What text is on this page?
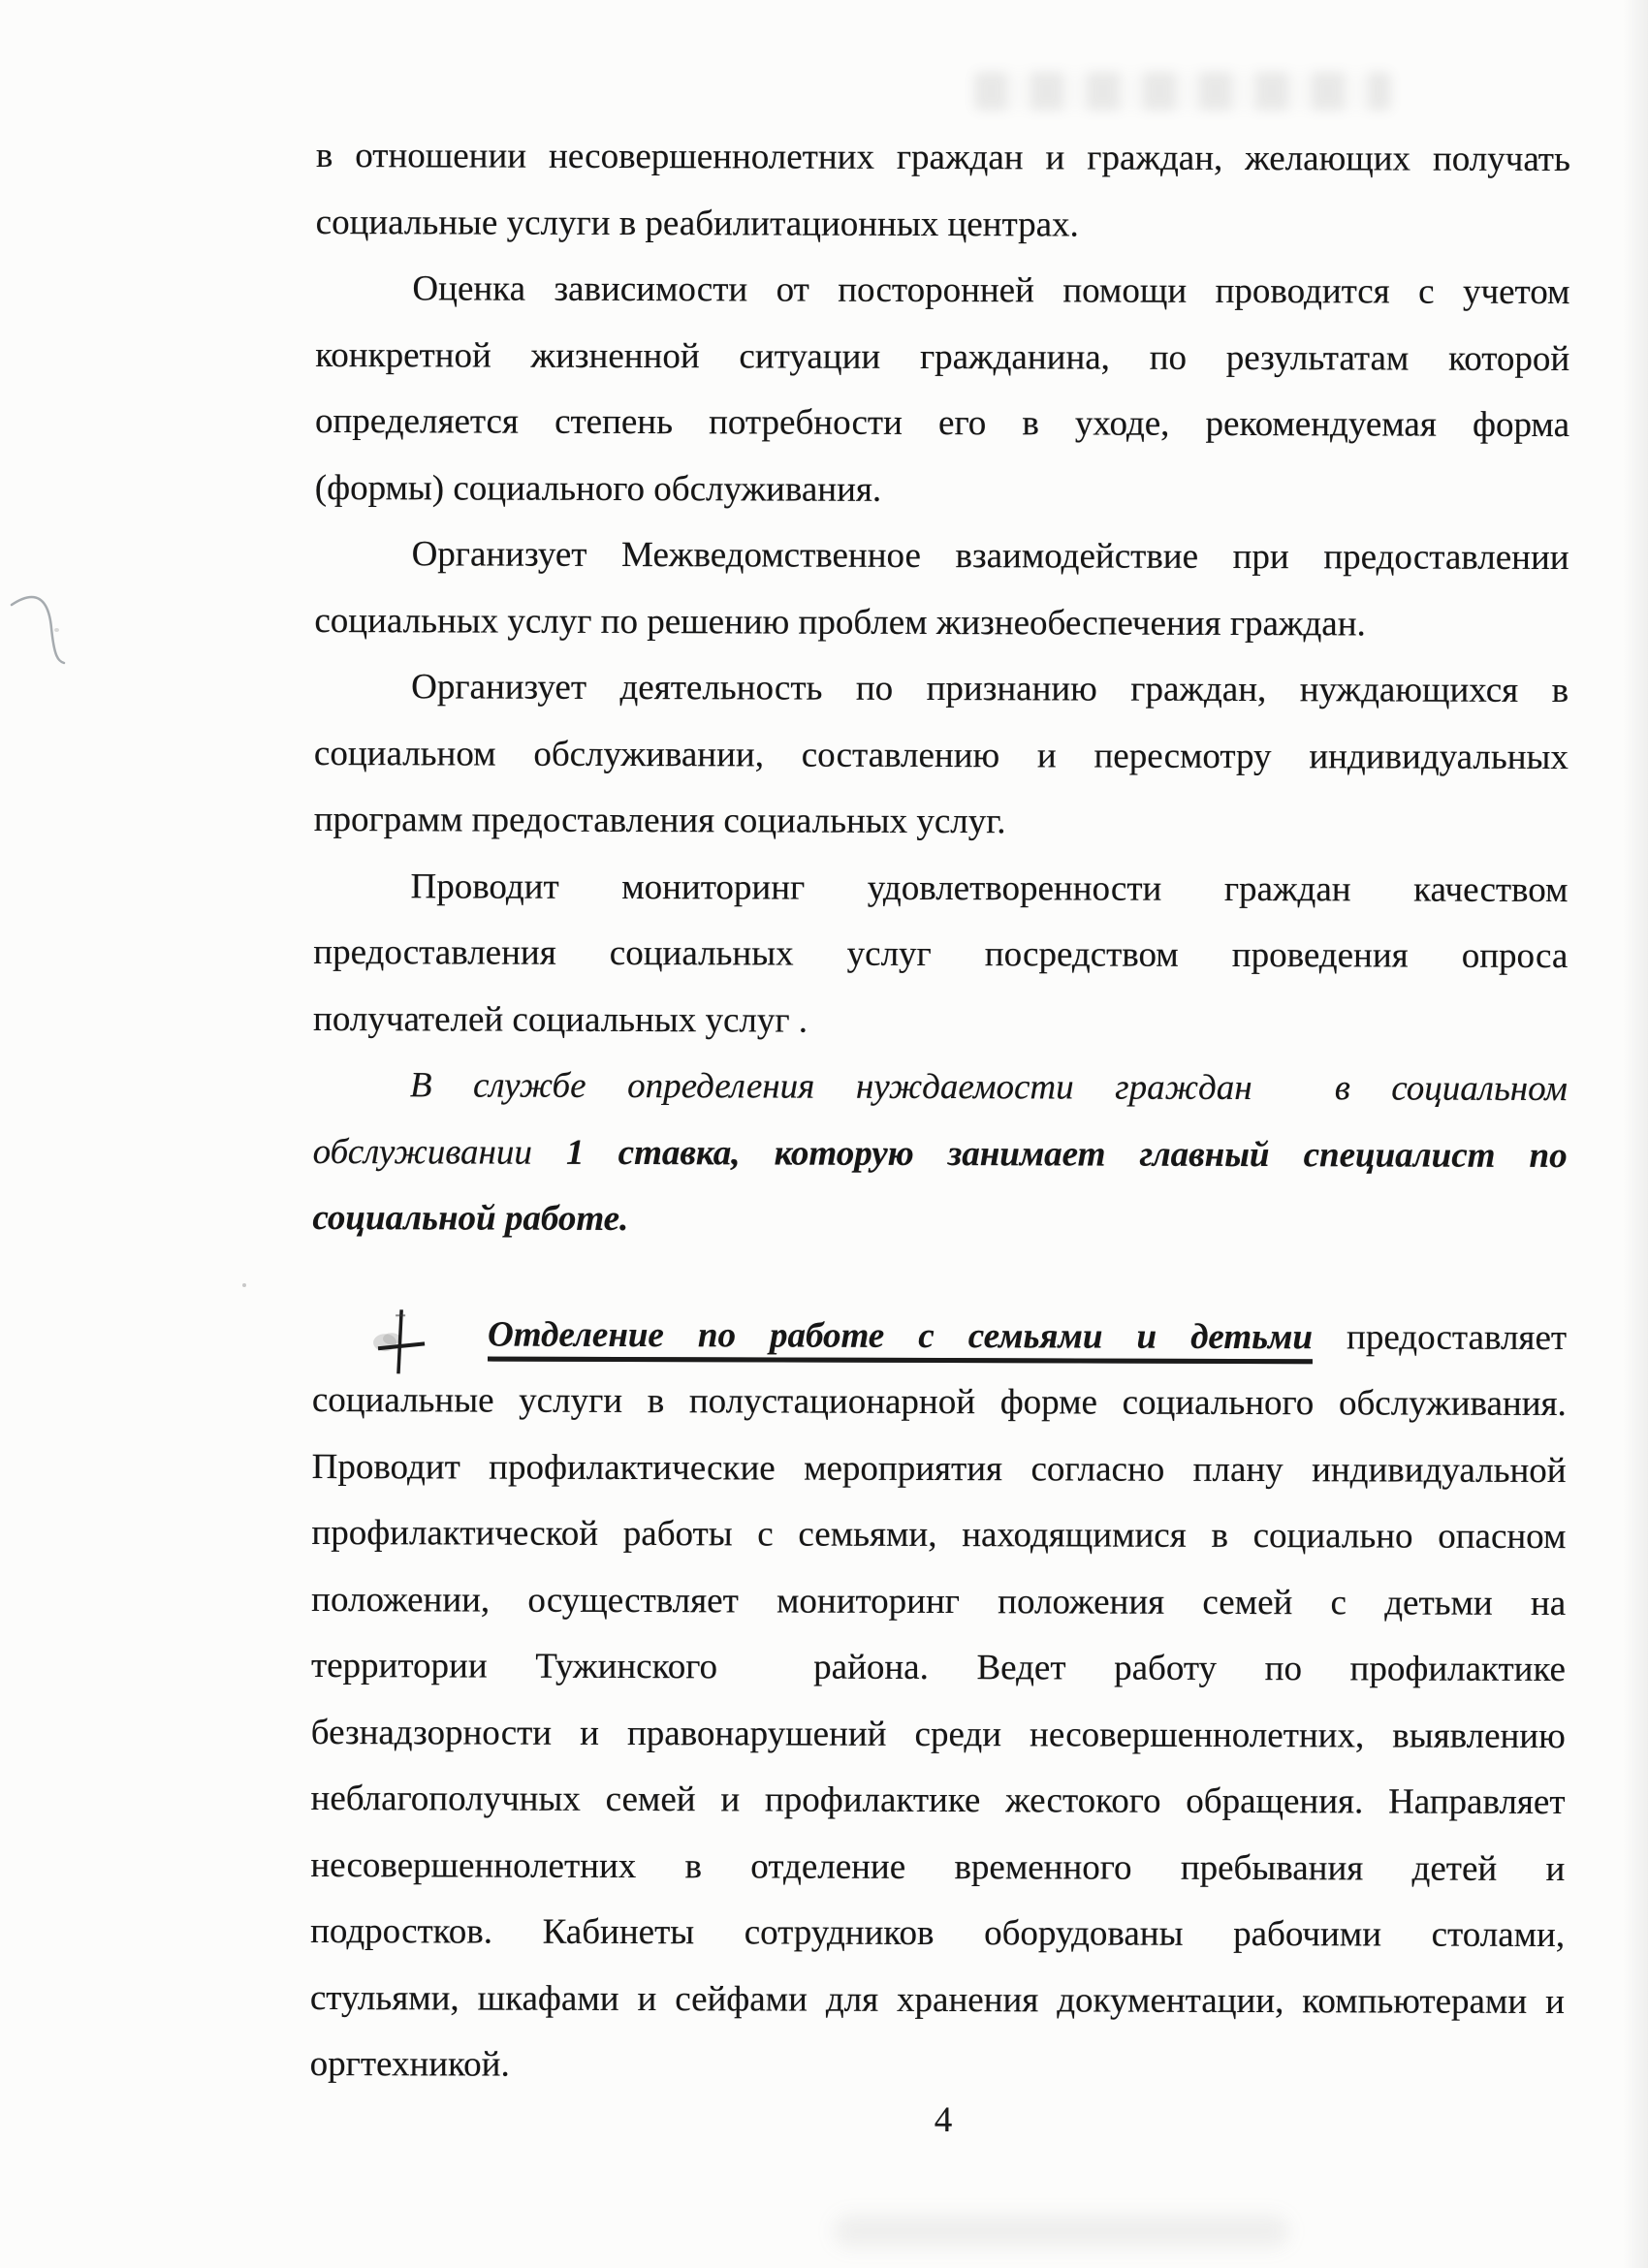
в отношении несовершеннолетних граждан и граждан, желающих получать
социальные услуги в реабилитационных центрах.
Оценка зависимости от посторонней помощи проводится с учетом
конкретной жизненной ситуации гражданина, по результатам которой
определяется степень потребности его в уходе, рекомендуемая форма
(формы) социального обслуживания.
Организует Межведомственное взаимодействие при предоставлении
социальных услуг по решению проблем жизнеобеспечения граждан.
Организует деятельность по признанию граждан, нуждающихся в
социальном обслуживании, составлению и пересмотру индивидуальных
программ предоставления социальных услуг.
Проводит мониторинг удовлетворенности граждан качеством
предоставления социальных услуг посредством проведения опроса
получателей социальных услуг .
В службе определения нуждаемости граждан  в социальном
обслуживании 1 ставка, которую занимает главный специалист по
социальной работе.
Отделение по работе с семьями и детьми предоставляет
социальные услуги в полустационарной форме социального обслуживания.
Проводит профилактические мероприятия согласно плану индивидуальной
профилактической работы с семьями, находящимися в социально опасном
положении, осуществляет мониторинг положения семей с детьми на
территории Тужинского  района. Ведет работу по профилактике
безнадзорности и правонарушений среди несовершеннолетних, выявлению
неблагополучных семей и профилактике жестокого обращения. Направляет
несовершеннолетних в отделение временного пребывания детей и
подростков. Кабинеты сотрудников оборудованы рабочими столами,
стульями, шкафами и сейфами для хранения документации, компьютерами и
оргтехникой.
4
